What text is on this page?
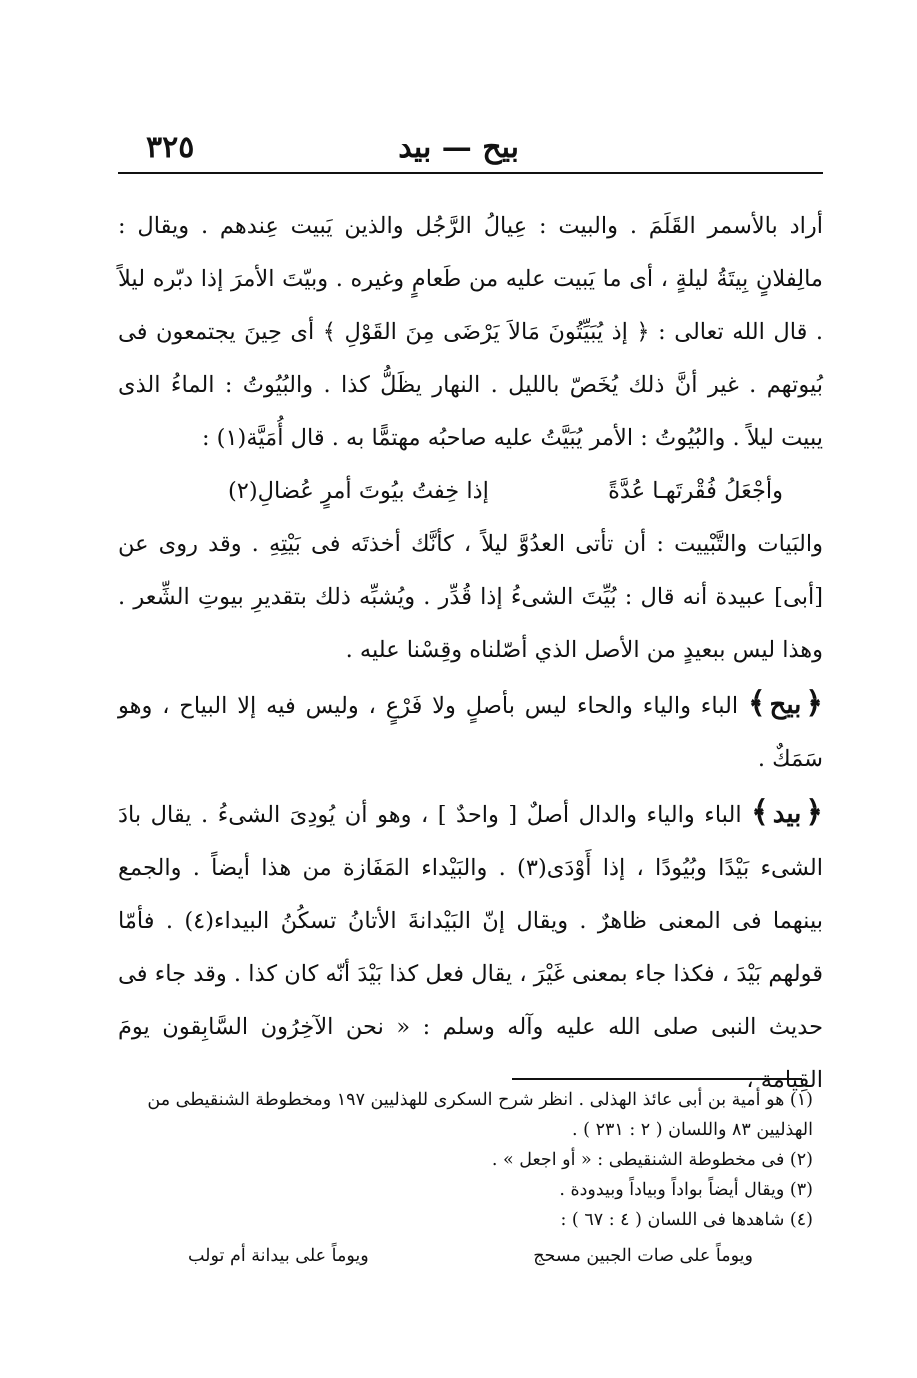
بيح — بيد
٣٢٥

أراد بالأسمر القَلَمَ . والبيت : عِيالُ الرَّجُل والذين يَبيت عِندهم . ويقال : مالِفلانٍ بِيتَةُ ليلةٍ ، أى ما يَبيت عليه من طَعامٍ وغيره . وبيّتَ الأمرَ إذا دبّره ليلاً . قال الله تعالى : ﴿ إذ يُبَيِّتُونَ مَالاَ يَرْضَى مِنَ القَوْلِ ﴾ أى حِينَ يجتمعون فى بُيوتهم . غير أنَّ ذلك يُخَصّ بالليل . النهار يظَلُّ كذا . والبُيُوتُ : الماءُ الذى يبيت ليلاً . والبُيُوتُ : الأمر يُبَيَّتُ عليه صاحبُه مهتمًّا به . قال أُمَيَّة(١) :

وأجْعَلُ فُقْرتَهـا عُدَّةً
إذا خِفتُ بيُوتَ أمرٍ عُضالِ(٢)

والبَيات والتَّبْييت : أن تأتى العدُوَّ ليلاً ، كأنَّك أخذتَه فى بَيْتِهِ . وقد روى عن [أبى] عبيدة أنه قال : بُيِّتَ الشىءُ إذا قُدِّر . ويُشبِّه ذلك بتقديرِ بيوتِ الشِّعر . وهذا ليس ببعيدٍ من الأصل الذي أصّلناه وقِسْنا عليه .

﴿بيح﴾ الباء والياء والحاء ليس بأصلٍ ولا فَرْعٍ ، وليس فيه إلا البياح ، وهو سَمَكٌ .

﴿بيد﴾ الباء والياء والدال أصلٌ [ واحدٌ ] ، وهو أن يُودِىَ الشىءُ . يقال بادَ الشىء بَيْدًا وبُيُودًا ، إذا أَوْدَى(٣) . والبَيْداء المَفَازة من هذا أيضاً . والجمع بينهما فى المعنى ظاهرٌ . ويقال إنّ البَيْدانةَ الأتانُ تسكُنُ البيداء(٤) . فأمّا قولهم بَيْدَ ، فكذا جاء بمعنى غَيْرَ ، يقال فعل كذا بَيْدَ أنّه كان كذا . وقد جاء فى حديث النبى صلى الله عليه وآله وسلم : « نحن الآخِرُون السَّابِقون يومَ القِيامة ،

(١) هو أمية بن أبى عائذ الهذلى . انظر شرح السكرى للهذليين ١٩٧ ومخطوطة الشنقيطى من الهذليين ٨٣ واللسان ( ٢ : ٢٣١ ) .

(٢) فى مخطوطة الشنقيطى : « أو اجعل » .

(٣) ويقال أيضاً بواداً وبياداً وبيدودة .

(٤) شاهدها فى اللسان ( ٤ : ٦٧ ) :

ويوماً على صات الجبين مسحج
ويوماً على بيدانة أم تولب
